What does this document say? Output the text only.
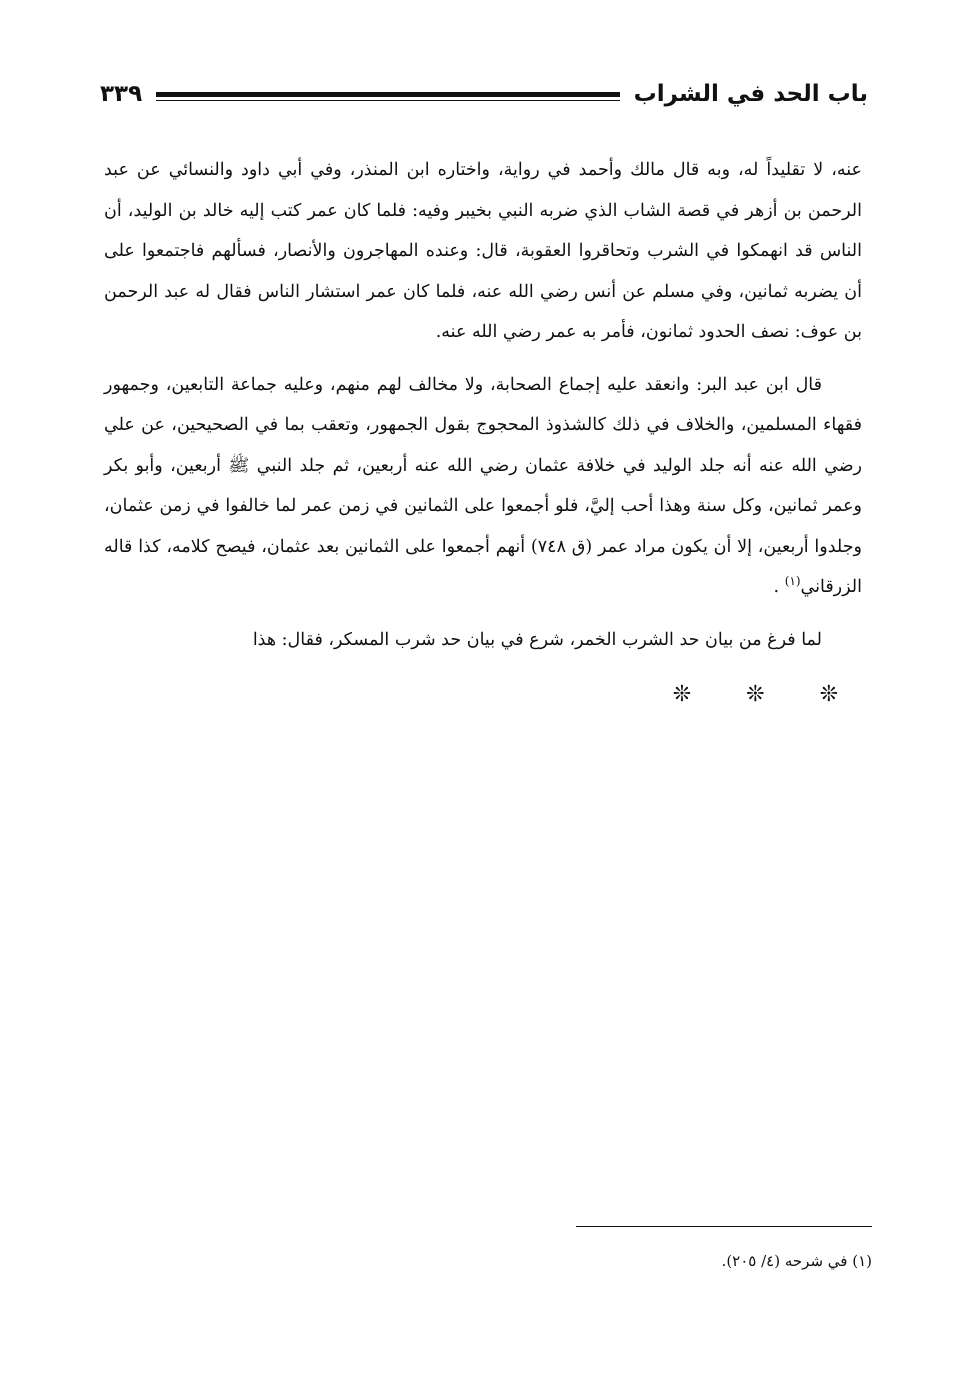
باب الحد في الشراب
٣٣٩

عنه، لا تقليداً له، وبه قال مالك وأحمد في رواية، واختاره ابن المنذر، وفي أبي داود والنسائي عن عبد الرحمن بن أزهر في قصة الشاب الذي ضربه النبي بخيبر وفيه: فلما كان عمر كتب إليه خالد بن الوليد، أن الناس قد انهمكوا في الشرب وتحاقروا العقوبة، قال: وعنده المهاجرون والأنصار، فسألهم فاجتمعوا على أن يضربه ثمانين، وفي مسلم عن أنس رضي الله عنه، فلما كان عمر استشار الناس فقال له عبد الرحمن بن عوف: نصف الحدود ثمانون، فأمر به عمر رضي الله عنه.

قال ابن عبد البر: وانعقد عليه إجماع الصحابة، ولا مخالف لهم منهم، وعليه جماعة التابعين، وجمهور فقهاء المسلمين، والخلاف في ذلك كالشذوذ المحجوج بقول الجمهور، وتعقب بما في الصحيحين، عن علي رضي الله عنه أنه جلد الوليد في خلافة عثمان رضي الله عنه أربعين، ثم جلد النبي ﷺ أربعين، وأبو بكر وعمر ثمانين، وكل سنة وهذا أحب إليَّ، فلو أجمعوا على الثمانين في زمن عمر لما خالفوا في زمن عثمان، وجلدوا أربعين، إلا أن يكون مراد عمر (ق ٧٤٨) أنهم أجمعوا على الثمانين بعد عثمان، فيصح كلامه، كذا قاله الزرقاني$^{(١)}$ .

لما فرغ من بيان حد الشرب الخمر، شرع في بيان حد شرب المسكر، فقال: هذا

❊ ❊ ❊
(١) في شرحه (٤/ ٢٠٥).
